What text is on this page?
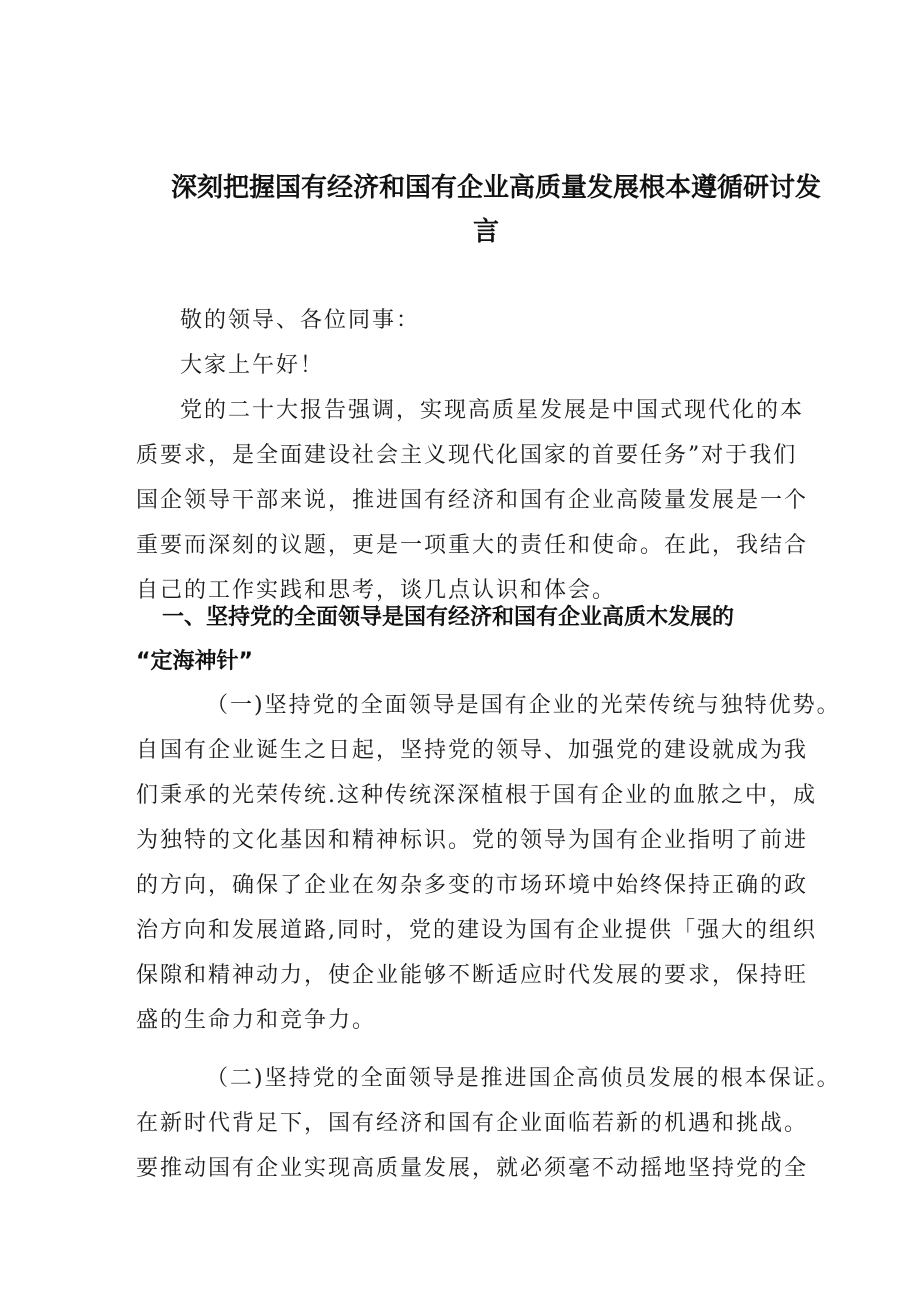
深刻把握国有经济和国有企业高质量发展根本遵循研讨发
言

敬的领导、各位同事：

大家上午好！

党的二十大报告强调，实现高质星发展是中国式现代化的本
质要求，是全面建设社会主义现代化国家的首要任务”对于我们
国企领导干部来说，推进国有经济和国有企业高陵量发展是一个
重要而深刻的议题，更是一项重大的责任和使命。在此，我结合
自己的工作实践和思考，谈几点认识和体会。

一、坚持党的全面领导是国有经济和国有企业高质木发展的
“定海神针”

（一)坚持党的全面领导是国有企业的光荣传统与独特优势。
自国有企业诞生之日起，坚持党的领导、加强党的建设就成为我
们秉承的光荣传统.这种传统深深植根于国有企业的血脓之中，成
为独特的文化基因和精神标识。党的领导为国有企业指明了前进
的方向，确保了企业在匆杂多变的市场环境中始终保持正确的政
治方向和发展道路,同时，党的建设为国有企业提供「强大的组织
保隙和精神动力，使企业能够不断适应时代发展的要求，保持旺
盛的生命力和竞争力。

（二)坚持党的全面领导是推进国企高侦员发展的根本保证。
在新时代背足下，国有经济和国有企业面临若新的机遇和挑战。
要推动国有企业实现高质量发展，就必须毫不动摇地坚持党的全
